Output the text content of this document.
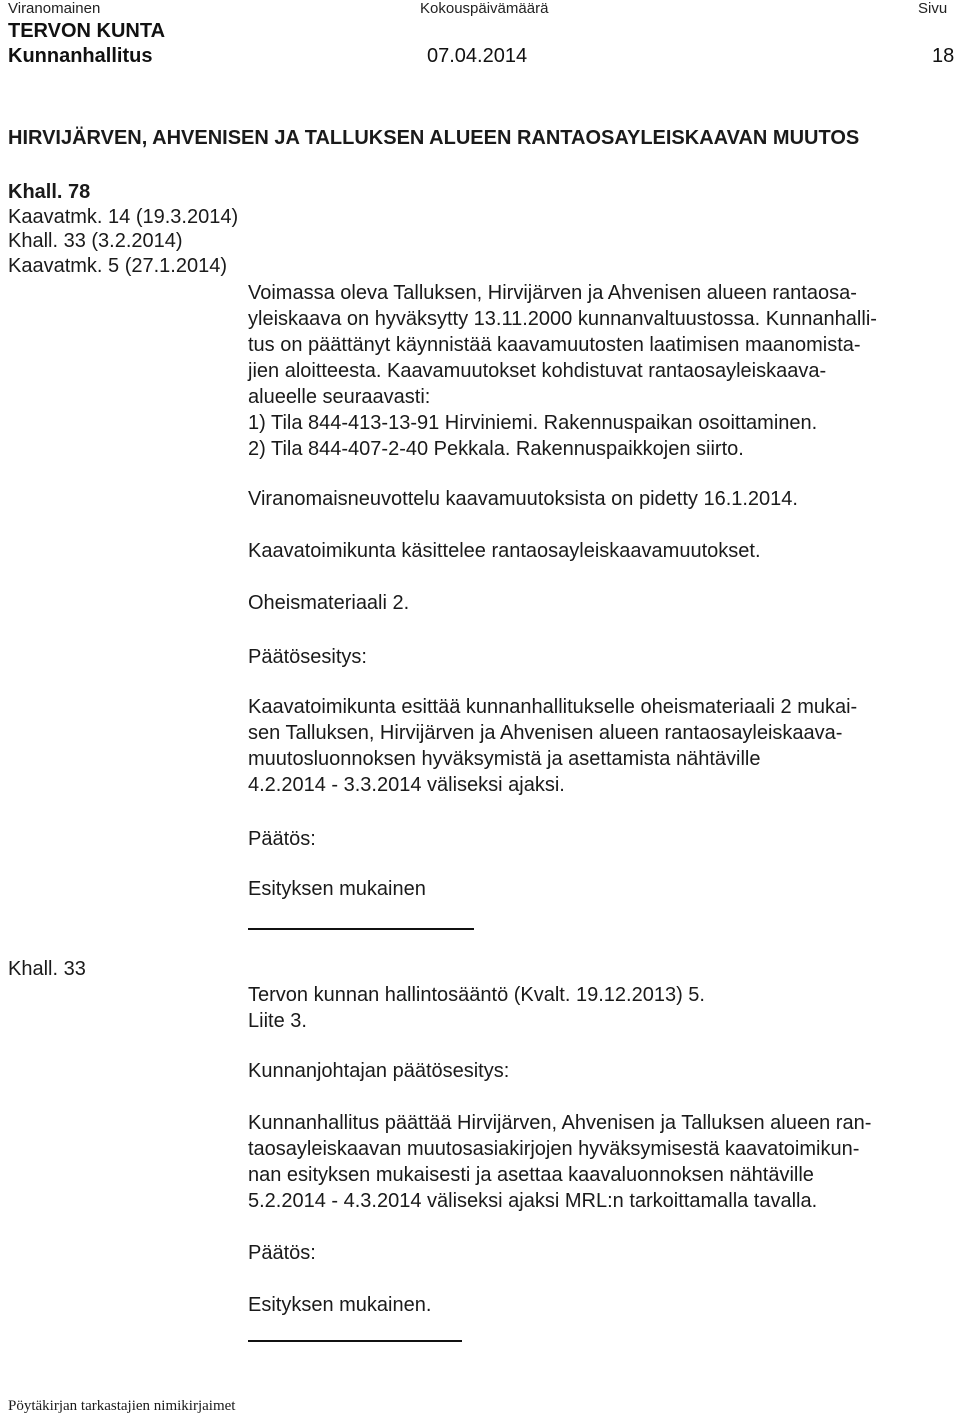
Viranomainen	Kokouspäivämäärä	Sivu
TERVON KUNTA
Kunnanhallitus	07.04.2014	18
HIRVIJÄRVEN, AHVENISEN JA TALLUKSEN ALUEEN RANTAOSAYLEISKAAVAN MUUTOS
Khall. 78
Kaavatmk. 14 (19.3.2014)
Khall. 33 (3.2.2014)
Kaavatmk. 5 (27.1.2014)
Voimassa oleva Talluksen, Hirvijärven ja Ahvenisen alueen rantaosa-
yleiskaava on hyväksytty 13.11.2000 kunnanvaltuustossa. Kunnanhalli-
tus on päättänyt käynnistää kaavamuutosten laatimisen maanomista-
jien aloitteesta. Kaavamuutokset kohdistuvat rantaosayleiskaava-
alueelle seuraavasti:
1) Tila 844-413-13-91 Hirviniemi. Rakennuspaikan osoittaminen.
2) Tila 844-407-2-40 Pekkala. Rakennuspaikkojen siirto.
Viranomaisneuvottelu kaavamuutoksista on pidetty 16.1.2014.
Kaavatoimikunta käsittelee rantaosayleiskaavamuutokset.
Oheismateriaali 2.
Päätösesitys:
Kaavatoimikunta esittää kunnanhallitukselle oheismateriaali 2 mukai-
sen Talluksen, Hirvijärven ja Ahvenisen alueen rantaosayleiskaava-
muutosluonnoksen hyväksymistä ja asettamista nähtäville
4.2.2014 - 3.3.2014 väliseksi ajaksi.
Päätös:
Esityksen mukainen
Khall. 33
Tervon kunnan hallintosääntö (Kvalt. 19.12.2013) 5.
Liite 3.
Kunnanjohtajan päätösesitys:
Kunnanhallitus päättää Hirvijärven, Ahvenisen ja Talluksen alueen ran-
taosayleiskaavan muutosasiakirjojen hyväksymisestä kaavatoimikun-
nan esityksen mukaisesti ja asettaa kaavaluonnoksen nähtäville
5.2.2014 - 4.3.2014 väliseksi ajaksi MRL:n tarkoittamalla tavalla.
Päätös:
Esityksen mukainen.
Pöytäkirjan tarkastajien nimikirjaimet
